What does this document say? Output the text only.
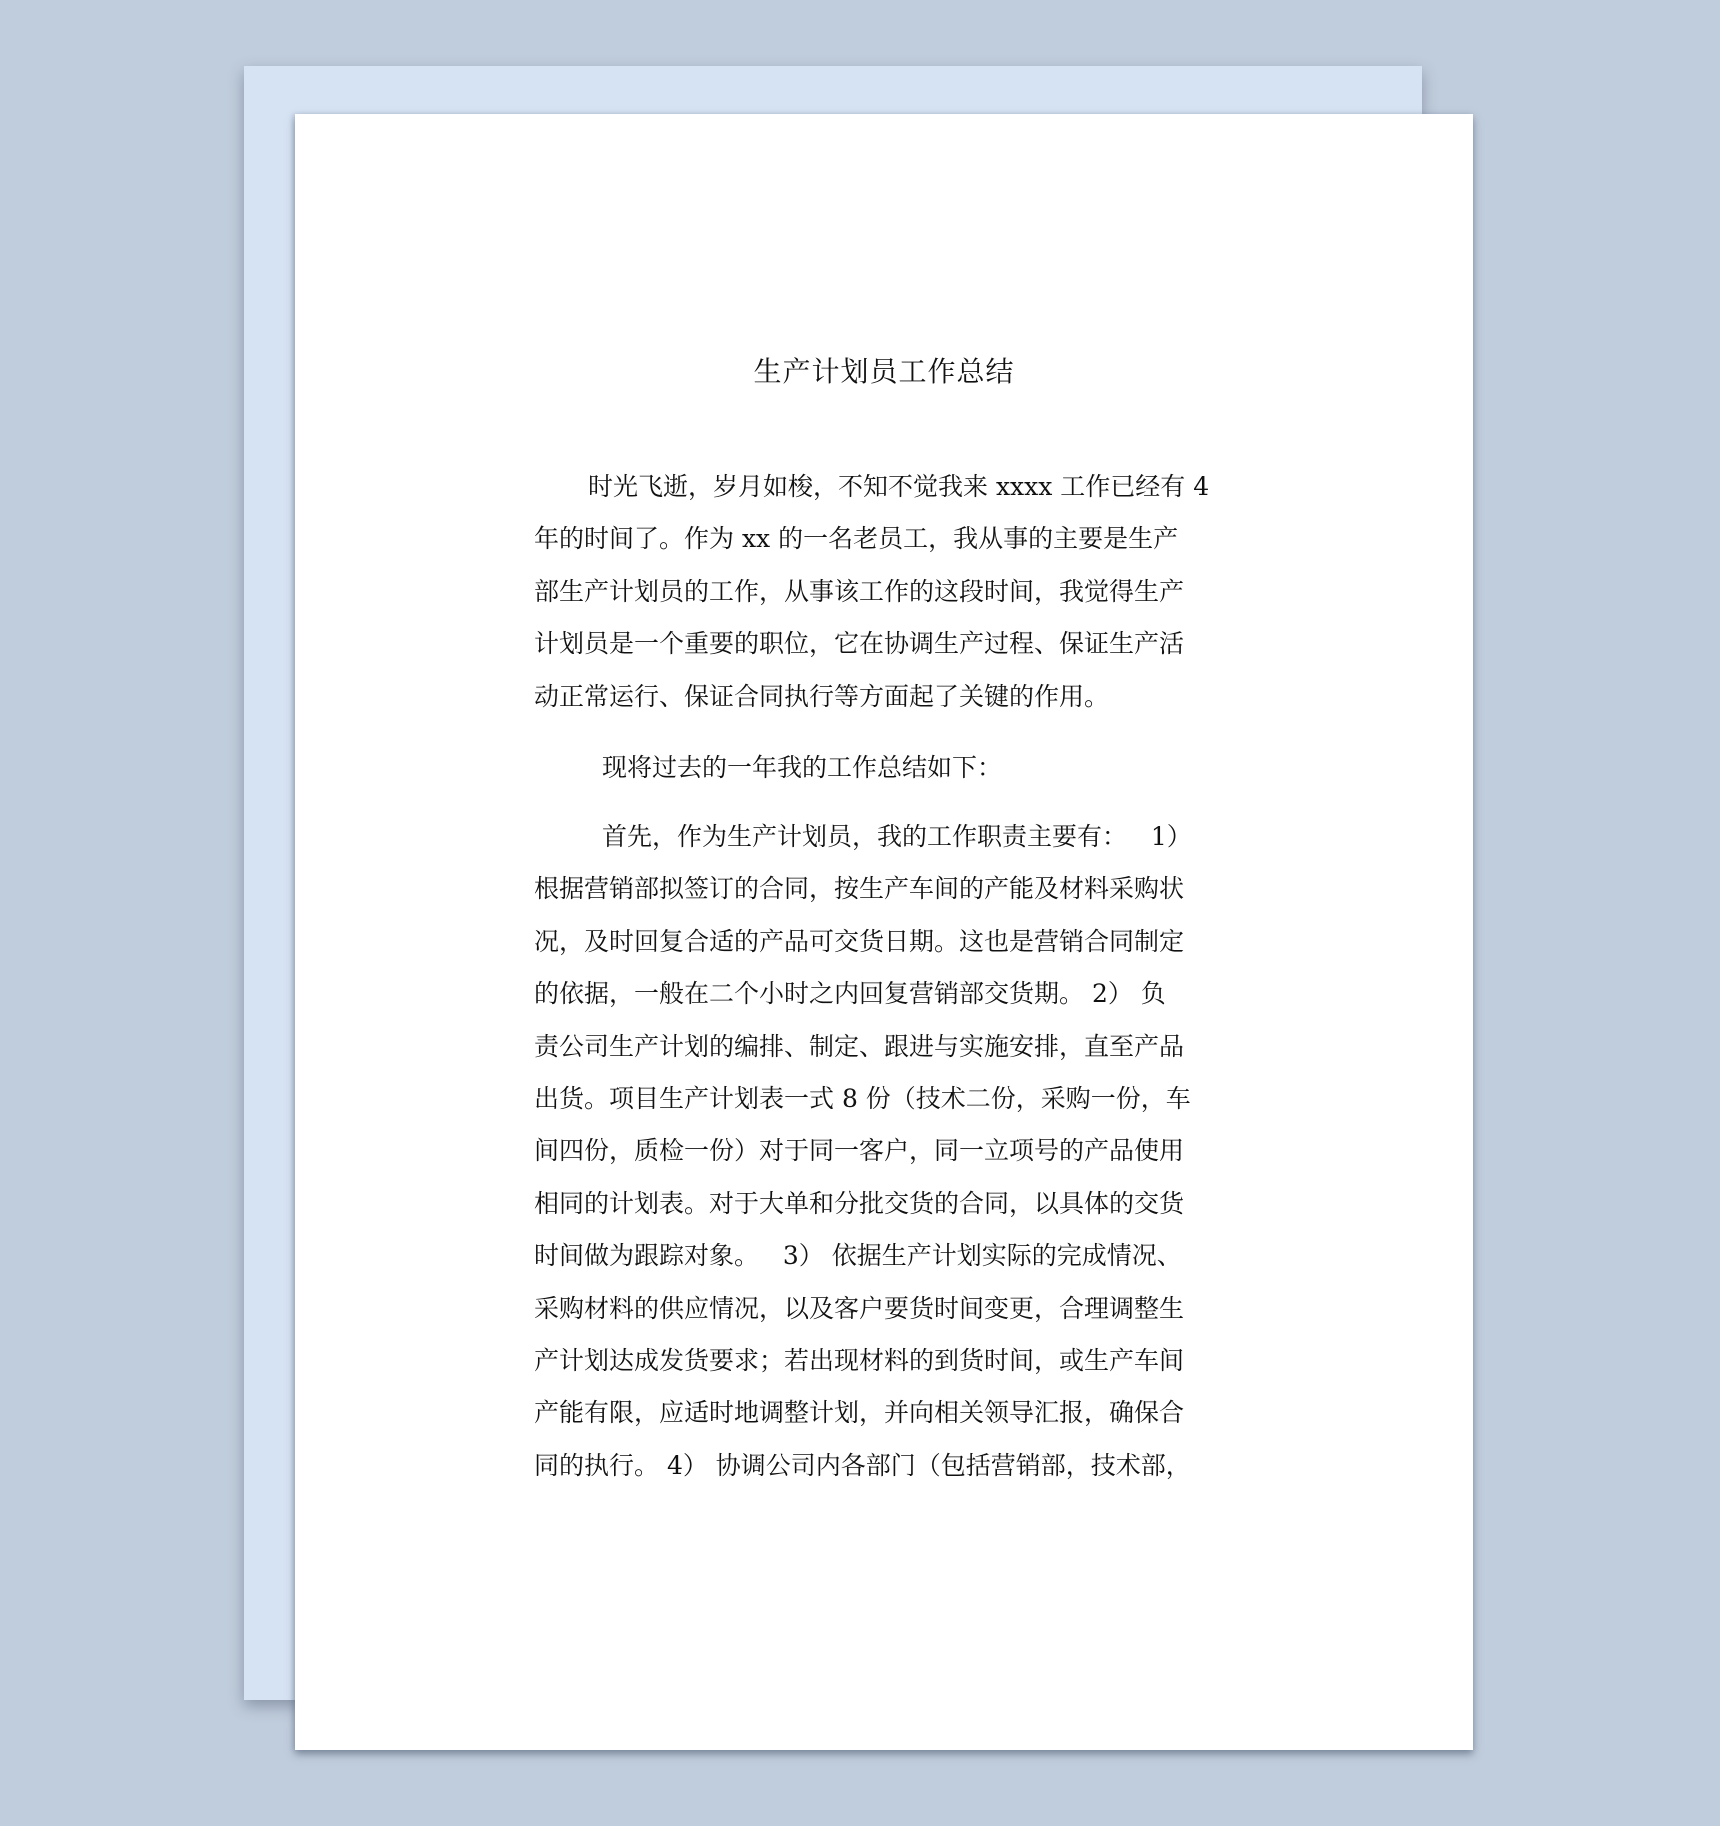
生产计划员工作总结

时光飞逝，岁月如梭，不知不觉我来 xxxx 工作已经有 4
年的时间了。作为 xx 的一名老员工，我从事的主要是生产
部生产计划员的工作，从事该工作的这段时间，我觉得生产
计划员是一个重要的职位，它在协调生产过程、保证生产活
动正常运行、保证合同执行等方面起了关键的作用。

现将过去的一年我的工作总结如下：

首先，作为生产计划员，我的工作职责主要有：   1）
根据营销部拟签订的合同，按生产车间的产能及材料采购状
况，及时回复合适的产品可交货日期。这也是营销合同制定
的依据，一般在二个小时之内回复营销部交货期。 2） 负
责公司生产计划的编排、制定、跟进与实施安排，直至产品
出货。项目生产计划表一式 8 份（技术二份，采购一份，车
间四份，质检一份）对于同一客户，同一立项号的产品使用
相同的计划表。对于大单和分批交货的合同，以具体的交货
时间做为跟踪对象。   3） 依据生产计划实际的完成情况、
采购材料的供应情况，以及客户要货时间变更，合理调整生
产计划达成发货要求；若出现材料的到货时间，或生产车间
产能有限，应适时地调整计划，并向相关领导汇报，确保合
同的执行。 4） 协调公司内各部门（包括营销部，技术部，
